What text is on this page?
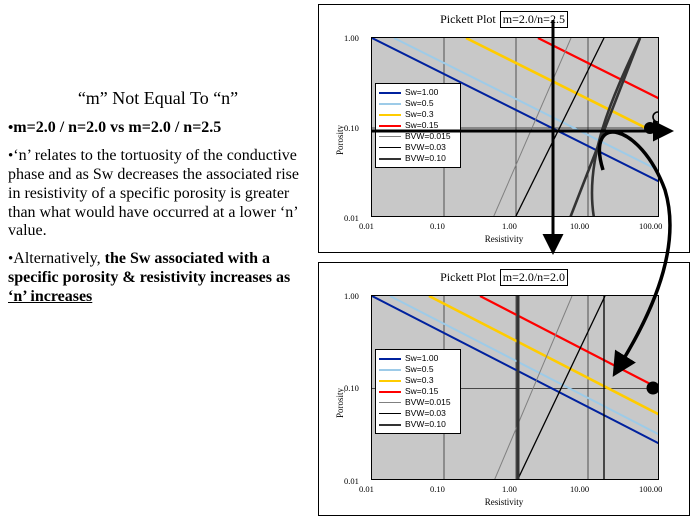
“m” Not Equal To “n”
•m=2.0 / n=2.0 vs m=2.0 / n=2.5
•‘n’ relates to the tortuosity of the conductive phase and as Sw decreases the associated rise in resistivity of a specific porosity is greater than what would have occurred at a lower ‘n’ value.
•Alternatively, the Sw associated with a specific porosity & resistivity increases as ‘n’ increases
Pickett Plot m=2.0/n=2.5
Porosity
1.00
0.10
0.01
0.01	0.10	1.00	10.00	100.00
Resistivity
Sw=1.00
Sw=0.5
Sw=0.3
Sw=0.15
BVW=0.015
BVW=0.03
BVW=0.10
Pickett Plot m=2.0/n=2.0
Porosity
1.00
0.10
0.01
0.01	0.10	1.00	10.00	100.00
Resistivity
Sw=1.00
Sw=0.5
Sw=0.3
Sw=0.15
BVW=0.015
BVW=0.03
BVW=0.10
